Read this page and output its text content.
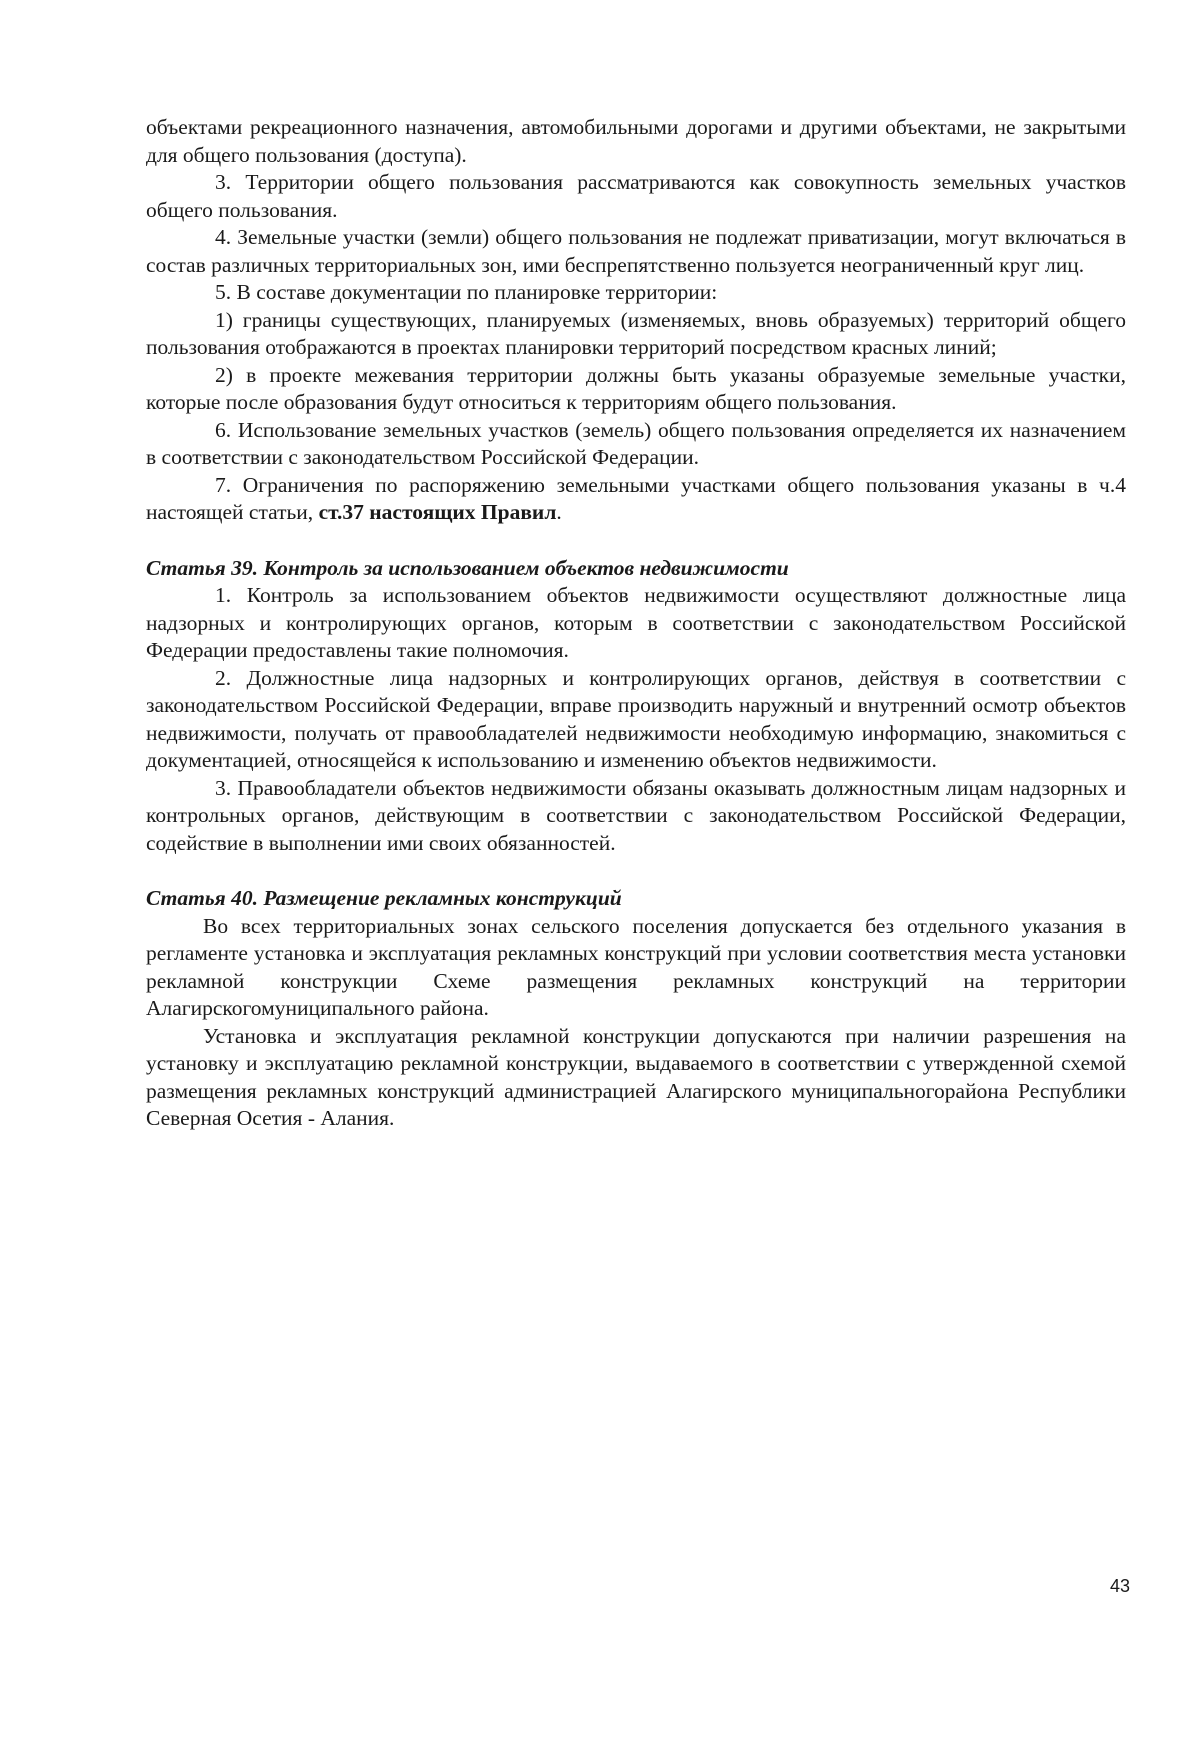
объектами рекреационного назначения, автомобильными дорогами и другими объектами, не закрытыми для общего пользования (доступа).

3. Территории общего пользования рассматриваются как совокупность земельных участков общего пользования.

4. Земельные участки (земли) общего пользования не подлежат приватизации, могут включаться в состав различных территориальных зон, ими беспрепятственно пользуется неограниченный круг лиц.

5. В составе документации по планировке территории:

1) границы существующих, планируемых (изменяемых, вновь образуемых) территорий общего пользования отображаются в проектах планировки территорий посредством красных линий;

2) в проекте межевания территории должны быть указаны образуемые земельные участки, которые после образования будут относиться к территориям общего пользования.

6. Использование земельных участков (земель) общего пользования определяется их назначением в соответствии с законодательством Российской Федерации.

7. Ограничения по распоряжению земельными участками общего пользования указаны в ч.4 настоящей статьи, ст.37 настоящих Правил.

Статья 39. Контроль за использованием объектов недвижимости

1. Контроль за использованием объектов недвижимости осуществляют должностные лица надзорных и контролирующих органов, которым в соответствии с законодательством Российской Федерации предоставлены такие полномочия.

2. Должностные лица надзорных и контролирующих органов, действуя в соответствии с законодательством Российской Федерации, вправе производить наружный и внутренний осмотр объектов недвижимости, получать от правообладателей недвижимости необходимую информацию, знакомиться с документацией, относящейся к использованию и изменению объектов недвижимости.

3. Правообладатели объектов недвижимости обязаны оказывать должностным лицам надзорных и контрольных органов, действующим в соответствии с законодательством Российской Федерации, содействие в выполнении ими своих обязанностей.

Статья 40. Размещение рекламных конструкций

Во всех территориальных зонах сельского поселения допускается без отдельного указания в регламенте установка и эксплуатация рекламных конструкций при условии соответствия места установки рекламной конструкции Схеме размещения рекламных конструкций на территории Алагирскогомуниципального района.

Установка и эксплуатация рекламной конструкции допускаются при наличии разрешения на установку и эксплуатацию рекламной конструкции, выдаваемого в соответствии с утвержденной схемой размещения рекламных конструкций администрацией Алагирского муниципальногорайона Республики Северная Осетия - Алания.

43
